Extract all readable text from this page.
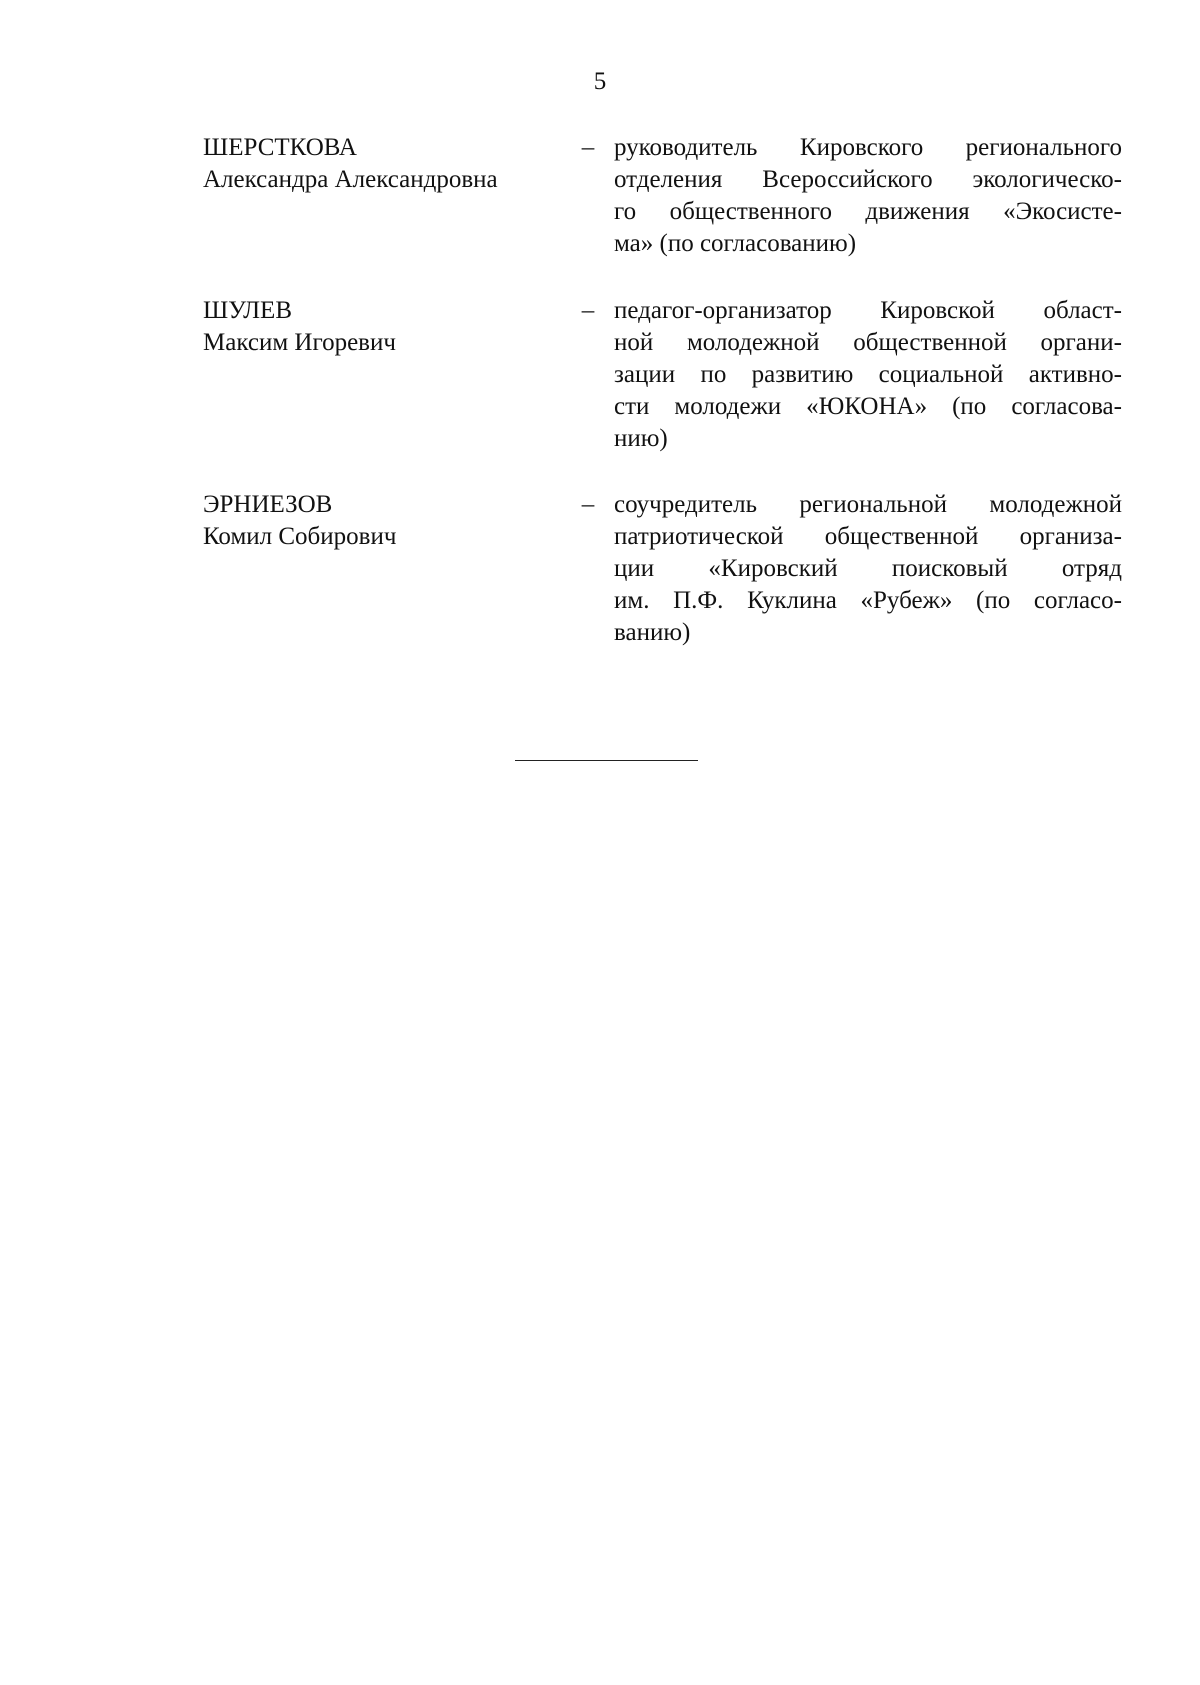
5
ШЕРСТКОВА
Александра Александровна
– руководитель Кировского регионального
отделения Всероссийского экологическо-
го общественного движения «Экосисте-
ма» (по согласованию)
ШУЛЕВ
Максим Игоревич
– педагог-организатор Кировской област-
ной молодежной общественной органи-
зации по развитию социальной активно-
сти молодежи «ЮКОНА» (по согласова-
нию)
ЭРНИЕЗОВ
Комил Собирович
– соучредитель региональной молодежной
патриотической общественной организа-
ции «Кировский поисковый отряд
им. П.Ф. Куклина «Рубеж» (по согласо-
ванию)
